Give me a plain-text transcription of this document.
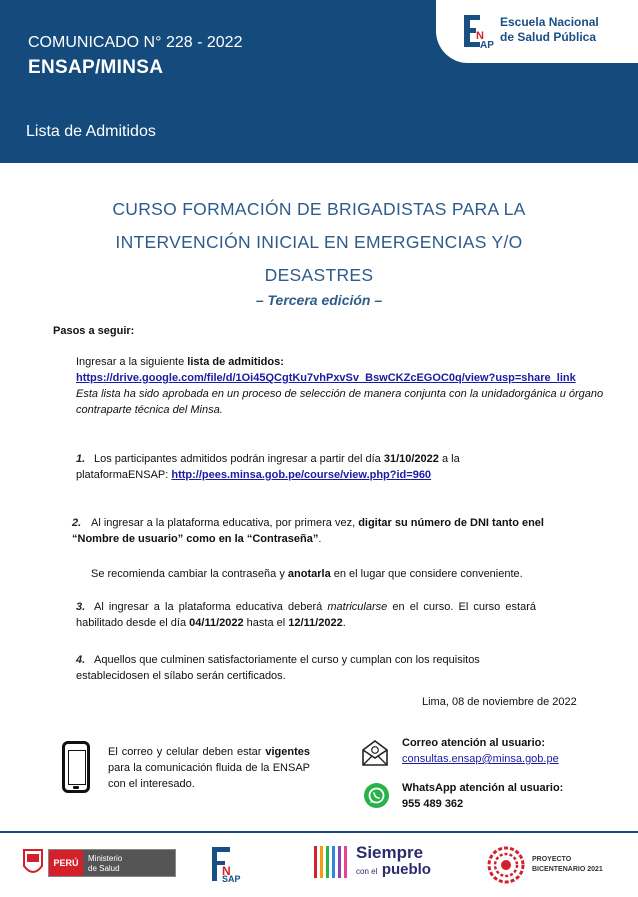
COMUNICADO N° 228 - 2022
ENSAP/MINSA
Lista de Admitidos
N
AP
Escuela Nacional
de Salud Pública
CURSO FORMACIÓN DE BRIGADISTAS PARA LA
INTERVENCIÓN INICIAL EN EMERGENCIAS Y/O
DESASTRES
– Tercera edición –
Pasos a seguir:
Ingresar a la siguiente lista de admitidos:
https://drive.google.com/file/d/1Oi45QCgtKu7vhPxvSv_BswCKZcEGOC0q/view?usp=share_link
Esta lista ha sido aprobada en un proceso de selección de manera conjunta con la unidadorgánica u órgano contraparte técnica del Minsa.
1. Los participantes admitidos podrán ingresar a partir del día 31/10/2022 a la plataformaENSAP: http://pees.minsa.gob.pe/course/view.php?id=960
2. Al ingresar a la plataforma educativa, por primera vez, digitar su número de DNI tanto enel “Nombre de usuario” como en la “Contraseña”.
Se recomienda cambiar la contraseña y anotarla en el lugar que considere conveniente.
3. Al ingresar a la plataforma educativa deberá matricularse en el curso. El curso estará habilitado desde el día 04/11/2022 hasta el 12/11/2022.
4. Aquellos que culminen satisfactoriamente el curso y cumplan con los requisitos establecidosen el sílabo serán certificados.
Lima, 08 de noviembre de 2022
El correo y celular deben estar vigentes para la comunicación fluida de la ENSAP con el interesado.
Correo atención al usuario:
consultas.ensap@minsa.gob.pe
WhatsApp atención al usuario:
955 489 362
PERÚ	Ministerio
de Salud	N
SAP
Siempre
con el pueblo
PROYECTO
BICENTENARIO 2021
